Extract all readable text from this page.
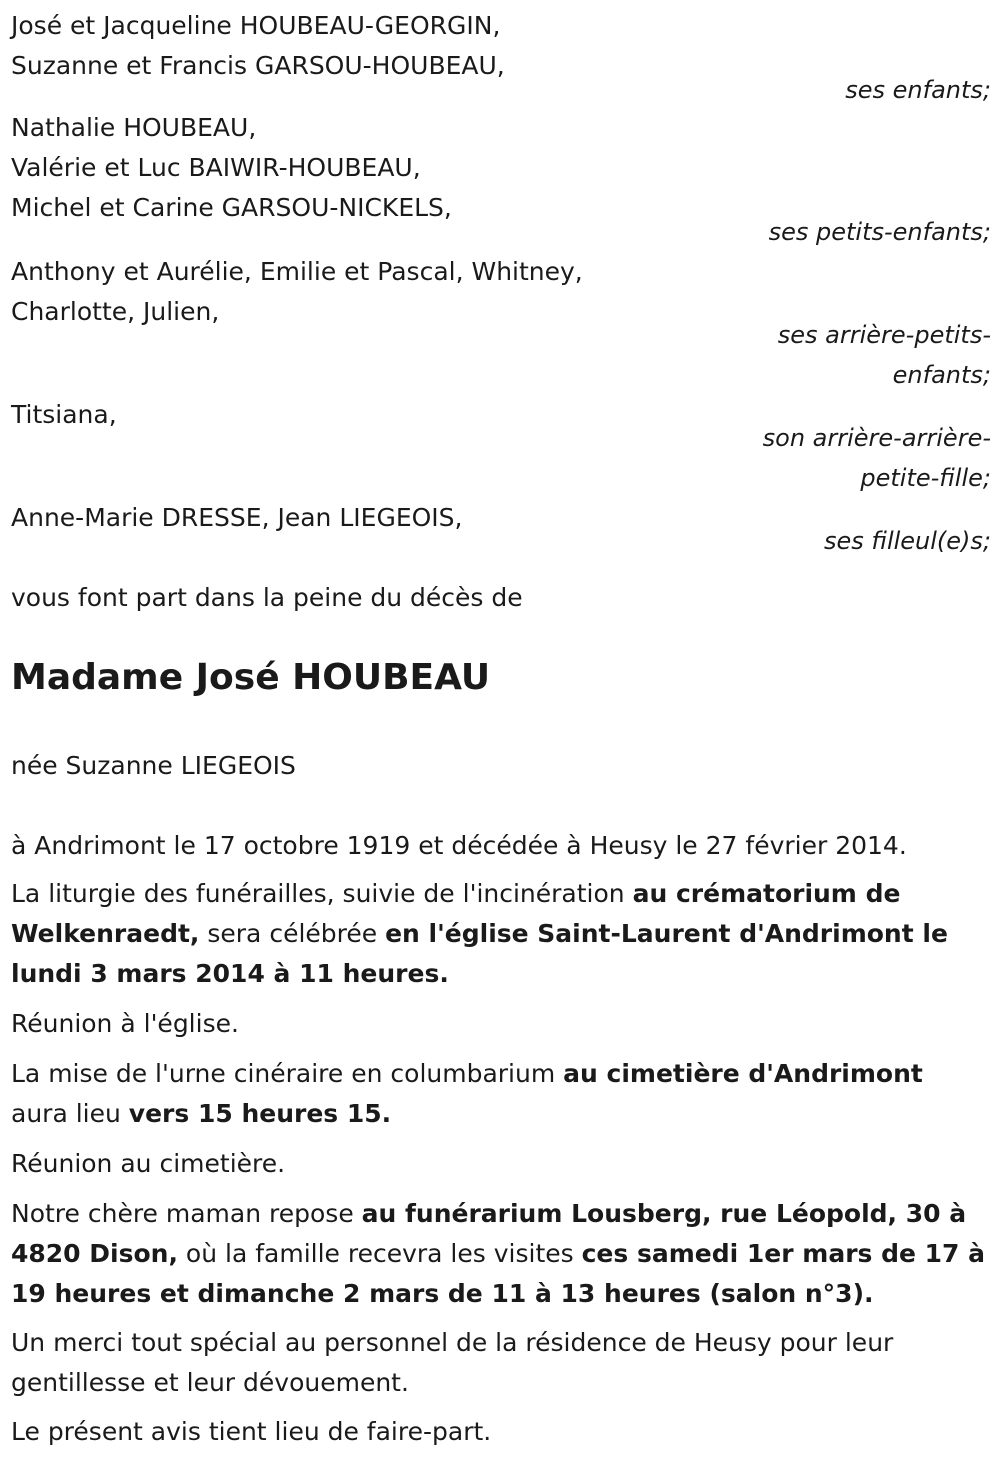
José et Jacqueline HOUBEAU-GEORGIN,
Suzanne et Francis GARSOU-HOUBEAU,
ses enfants;
Nathalie HOUBEAU,
Valérie et Luc BAIWIR-HOUBEAU,
Michel et Carine GARSOU-NICKELS,
ses petits-enfants;
Anthony et Aurélie, Emilie et Pascal, Whitney,
Charlotte, Julien,
ses arrière-petits-
enfants;
Titsiana,
son arrière-arrière-
petite-fille;
Anne-Marie DRESSE, Jean LIEGEOIS,
ses filleul(e)s;
vous font part dans la peine du décès de
Madame José HOUBEAU
née Suzanne LIEGEOIS
à Andrimont le 17 octobre 1919 et décédée à Heusy le 27 février 2014.

La liturgie des funérailles, suivie de l'incinération au crématorium de Welkenraedt, sera célébrée en l'église Saint-Laurent d'Andrimont le lundi 3 mars 2014 à 11 heures.

Réunion à l'église.

La mise de l'urne cinéraire en columbarium au cimetière d'Andrimont aura lieu vers 15 heures 15.

Réunion au cimetière.

Notre chère maman repose au funérarium Lousberg, rue Léopold, 30 à 4820 Dison, où la famille recevra les visites ces samedi 1er mars de 17 à 19 heures et dimanche 2 mars de 11 à 13 heures (salon n°3).

Un merci tout spécial au personnel de la résidence de Heusy pour leur gentillesse et leur dévouement.

Le présent avis tient lieu de faire-part.
